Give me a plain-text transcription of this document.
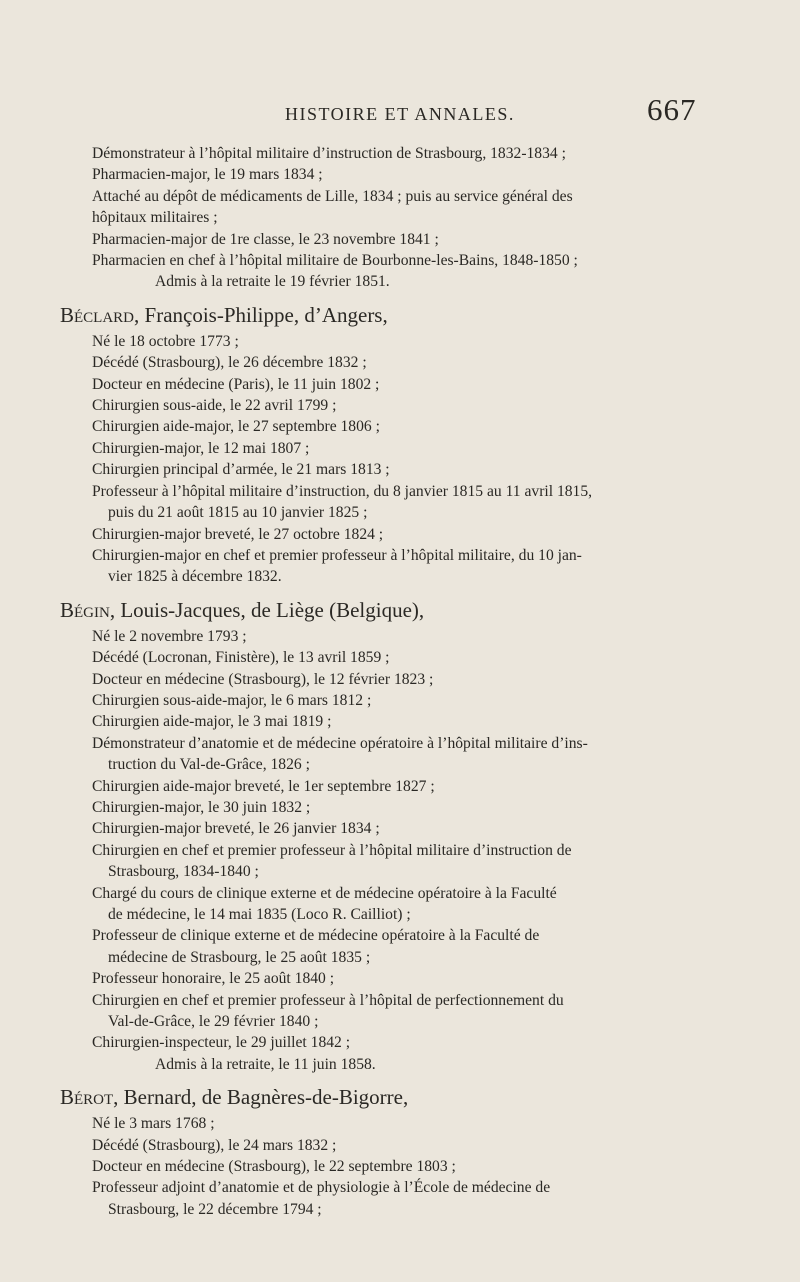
HISTOIRE ET ANNALES.	667
Démonstrateur à l’hôpital militaire d’instruction de Strasbourg, 1832-1834 ;
Pharmacien-major, le 19 mars 1834 ;
Attaché au dépôt de médicaments de Lille, 1834 ; puis au service général des
hôpitaux militaires ;
Pharmacien-major de 1re classe, le 23 novembre 1841 ;
Pharmacien en chef à l’hôpital militaire de Bourbonne-les-Bains, 1848-1850 ;
Admis à la retraite le 19 février 1851.
Béclard, François-Philippe, d’Angers,
Né le 18 octobre 1773 ;
Décédé (Strasbourg), le 26 décembre 1832 ;
Docteur en médecine (Paris), le 11 juin 1802 ;
Chirurgien sous-aide, le 22 avril 1799 ;
Chirurgien aide-major, le 27 septembre 1806 ;
Chirurgien-major, le 12 mai 1807 ;
Chirurgien principal d’armée, le 21 mars 1813 ;
Professeur à l’hôpital militaire d’instruction, du 8 janvier 1815 au 11 avril 1815,
puis du 21 août 1815 au 10 janvier 1825 ;
Chirurgien-major breveté, le 27 octobre 1824 ;
Chirurgien-major en chef et premier professeur à l’hôpital militaire, du 10 jan-
vier 1825 à décembre 1832.
Bégin, Louis-Jacques, de Liège (Belgique),
Né le 2 novembre 1793 ;
Décédé (Locronan, Finistère), le 13 avril 1859 ;
Docteur en médecine (Strasbourg), le 12 février 1823 ;
Chirurgien sous-aide-major, le 6 mars 1812 ;
Chirurgien aide-major, le 3 mai 1819 ;
Démonstrateur d’anatomie et de médecine opératoire à l’hôpital militaire d’ins-
truction du Val-de-Grâce, 1826 ;
Chirurgien aide-major breveté, le 1er septembre 1827 ;
Chirurgien-major, le 30 juin 1832 ;
Chirurgien-major breveté, le 26 janvier 1834 ;
Chirurgien en chef et premier professeur à l’hôpital militaire d’instruction de
Strasbourg, 1834-1840 ;
Chargé du cours de clinique externe et de médecine opératoire à la Faculté
de médecine, le 14 mai 1835 (Loco R. Cailliot) ;
Professeur de clinique externe et de médecine opératoire à la Faculté de
médecine de Strasbourg, le 25 août 1835 ;
Professeur honoraire, le 25 août 1840 ;
Chirurgien en chef et premier professeur à l’hôpital de perfectionnement du
Val-de-Grâce, le 29 février 1840 ;
Chirurgien-inspecteur, le 29 juillet 1842 ;
Admis à la retraite, le 11 juin 1858.
Bérot, Bernard, de Bagnères-de-Bigorre,
Né le 3 mars 1768 ;
Décédé (Strasbourg), le 24 mars 1832 ;
Docteur en médecine (Strasbourg), le 22 septembre 1803 ;
Professeur adjoint d’anatomie et de physiologie à l’École de médecine de
Strasbourg, le 22 décembre 1794 ;
